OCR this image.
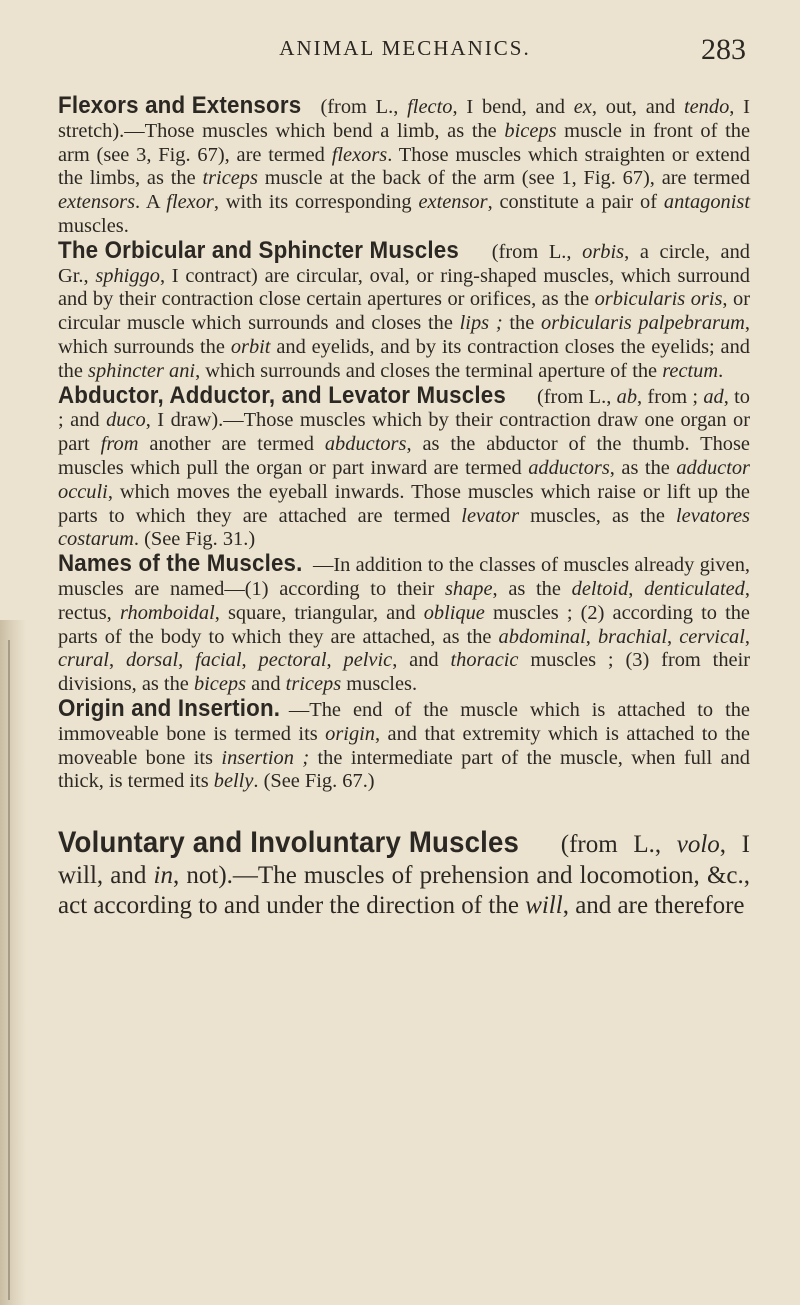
ANIMAL MECHANICS.	283

Flexors and Extensors (from L., flecto, I bend, and ex, out, and tendo, I stretch).—Those muscles which bend a limb, as the biceps muscle in front of the arm (see 3, Fig. 67), are termed flexors. Those muscles which straighten or extend the limbs, as the triceps muscle at the back of the arm (see 1, Fig. 67), are termed extensors. A flexor, with its corresponding extensor, constitute a pair of antagonist muscles.

The Orbicular and Sphincter Muscles (from L., orbis, a circle, and Gr., sphiggo, I contract) are circular, oval, or ring-shaped muscles, which surround and by their contraction close certain apertures or orifices, as the orbicularis oris, or circular muscle which surrounds and closes the lips ; the orbicularis palpebrarum, which surrounds the orbit and eyelids, and by its contraction closes the eyelids; and the sphincter ani, which surrounds and closes the terminal aperture of the rectum.

Abductor, Adductor, and Levator Muscles (from L., ab, from ; ad, to ; and duco, I draw).—Those muscles which by their contraction draw one organ or part from another are termed abductors, as the abductor of the thumb. Those muscles which pull the organ or part inward are termed adductors, as the adductor occuli, which moves the eyeball inwards. Those muscles which raise or lift up the parts to which they are attached are termed levator muscles, as the levatores costarum. (See Fig. 31.)

Names of the Muscles. —In addition to the classes of muscles already given, muscles are named—(1) according to their shape, as the deltoid, denticulated, rectus, rhomboidal, square, triangular, and oblique muscles ; (2) according to the parts of the body to which they are attached, as the abdominal, brachial, cervical, crural, dorsal, facial, pectoral, pelvic, and thoracic muscles ; (3) from their divisions, as the biceps and triceps muscles.

Origin and Insertion. —The end of the muscle which is attached to the immoveable bone is termed its origin, and that extremity which is attached to the moveable bone its insertion ; the intermediate part of the muscle, when full and thick, is termed its belly. (See Fig. 67.)

Voluntary and Involuntary Muscles (from L., volo, I will, and in, not).—The muscles of prehension and locomotion, &c., act according to and under the direction of the will, and are therefore
